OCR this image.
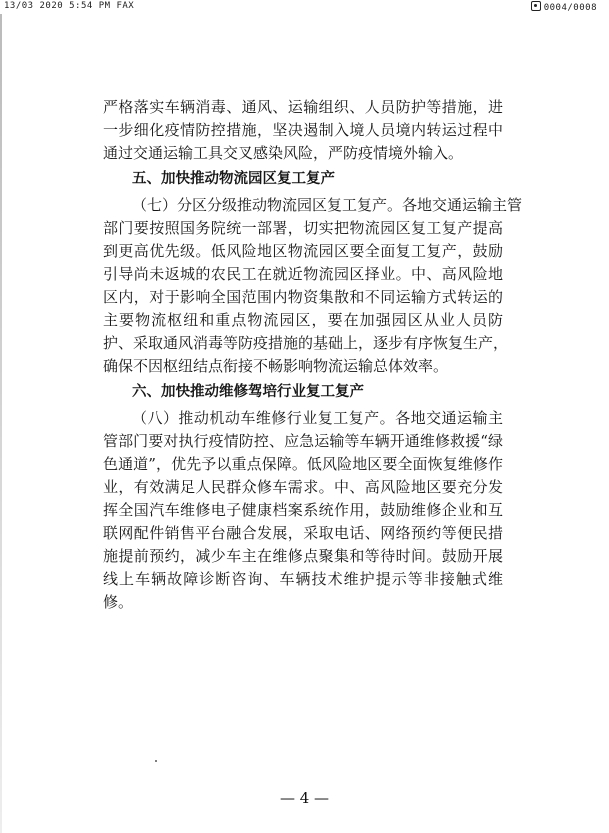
13/03 2020 5:54 PM FAX	0004/0008
严格落实车辆消毒、通风、运输组织、人员防护等措施，进
一步细化疫情防控措施，坚决遏制入境人员境内转运过程中
通过交通运输工具交叉感染风险，严防疫情境外输入。
五、加快推动物流园区复工复产
（七）分区分级推动物流园区复工复产。各地交通运输主管
部门要按照国务院统一部署，切实把物流园区复工复产提高
到更高优先级。低风险地区物流园区要全面复工复产，鼓励
引导尚未返城的农民工在就近物流园区择业。中、高风险地
区内，对于影响全国范围内物资集散和不同运输方式转运的
主要物流枢纽和重点物流园区，要在加强园区从业人员防
护、采取通风消毒等防疫措施的基础上，逐步有序恢复生产，
确保不因枢纽结点衔接不畅影响物流运输总体效率。
六、加快推动维修驾培行业复工复产
（八）推动机动车维修行业复工复产。各地交通运输主
管部门要对执行疫情防控、应急运输等车辆开通维修救援“绿
色通道”，优先予以重点保障。低风险地区要全面恢复维修作
业，有效满足人民群众修车需求。中、高风险地区要充分发
挥全国汽车维修电子健康档案系统作用，鼓励维修企业和互
联网配件销售平台融合发展，采取电话、网络预约等便民措
施提前预约，减少车主在维修点聚集和等待时间。鼓励开展
线上车辆故障诊断咨询、车辆技术维护提示等非接触式维
修。
— 4 —
